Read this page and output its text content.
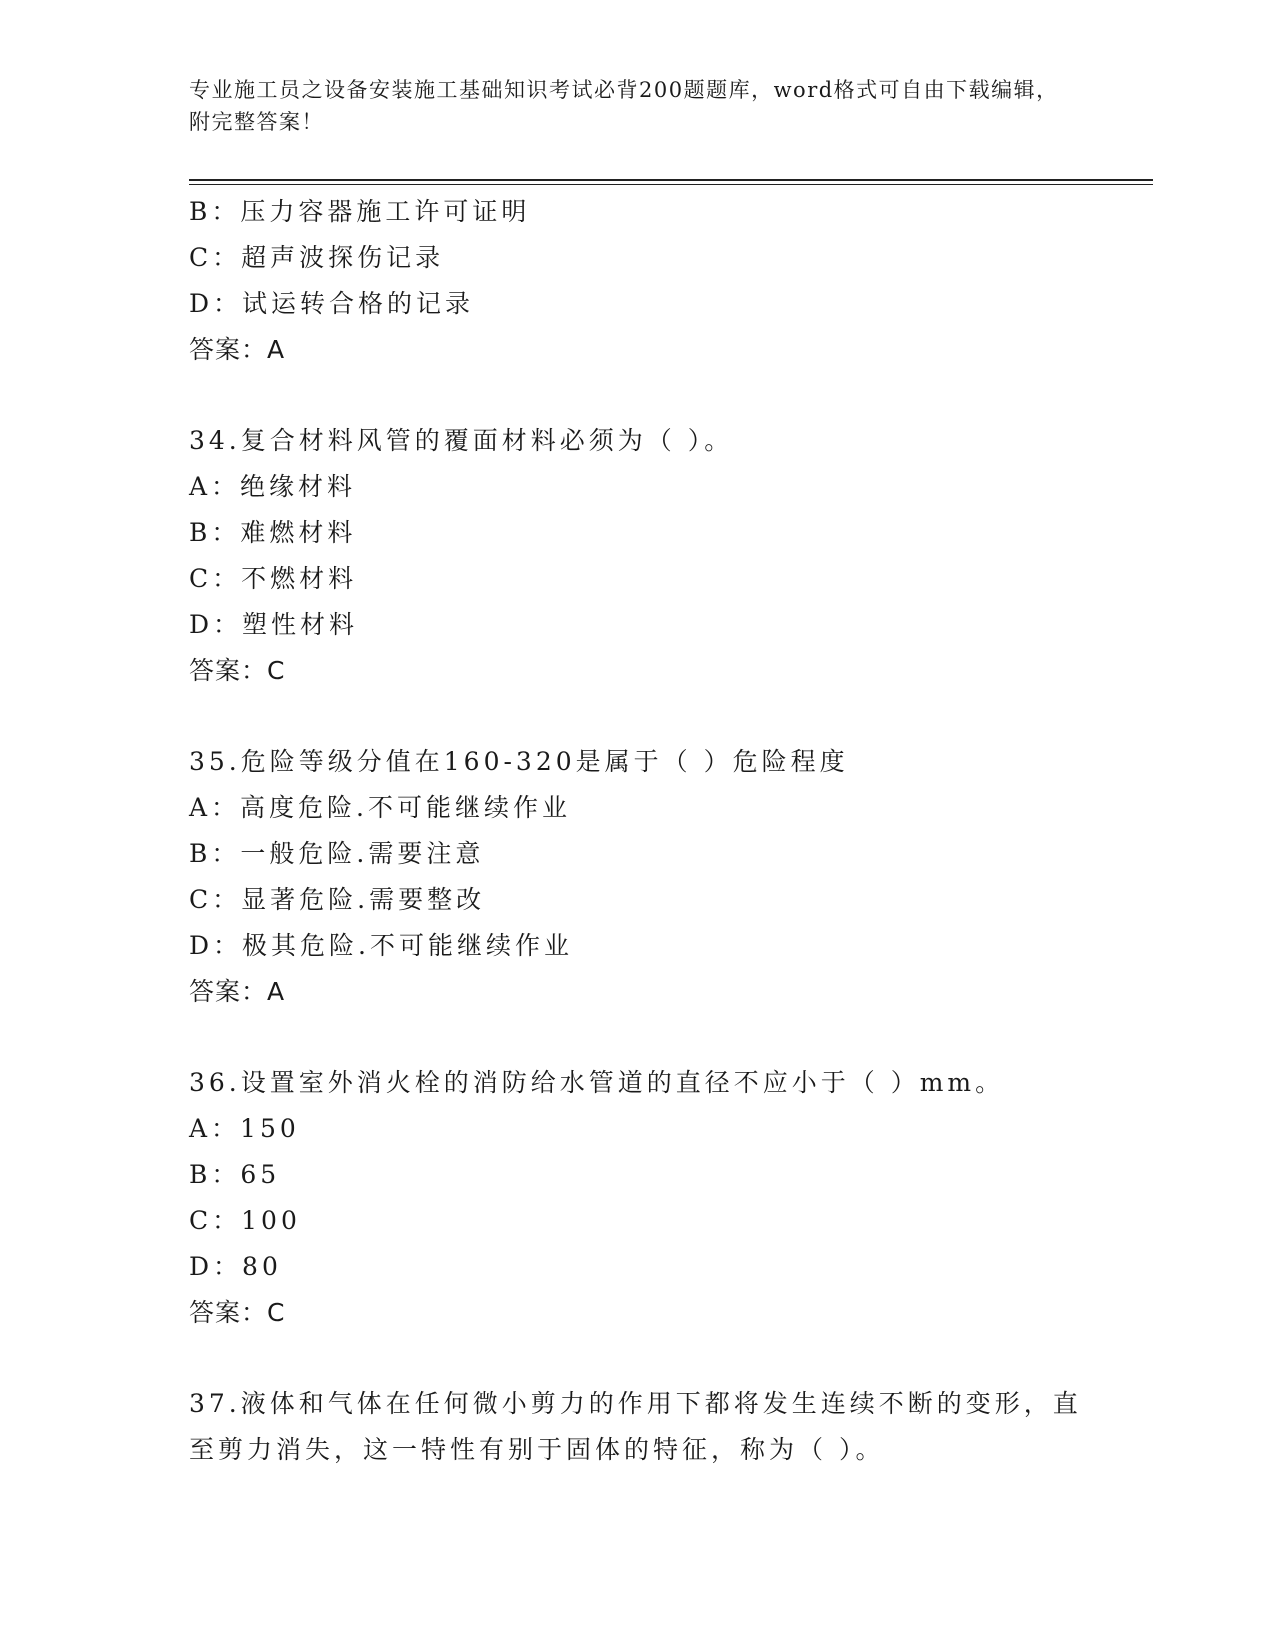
专业施工员之设备安装施工基础知识考试必背200题题库，word格式可自由下载编辑，附完整答案！
B：压力容器施工许可证明
C：超声波探伤记录
D：试运转合格的记录
答案：A
34.复合材料风管的覆面材料必须为（ ）。
A：绝缘材料
B：难燃材料
C：不燃材料
D：塑性材料
答案：C
35.危险等级分值在160-320是属于（ ）危险程度
A：高度危险.不可能继续作业
B：一般危险.需要注意
C：显著危险.需要整改
D：极其危险.不可能继续作业
答案：A
36.设置室外消火栓的消防给水管道的直径不应小于（ ）mm。
A：150
B：65
C：100
D：80
答案：C
37.液体和气体在任何微小剪力的作用下都将发生连续不断的变形，直
至剪力消失，这一特性有别于固体的特征，称为（ ）。
